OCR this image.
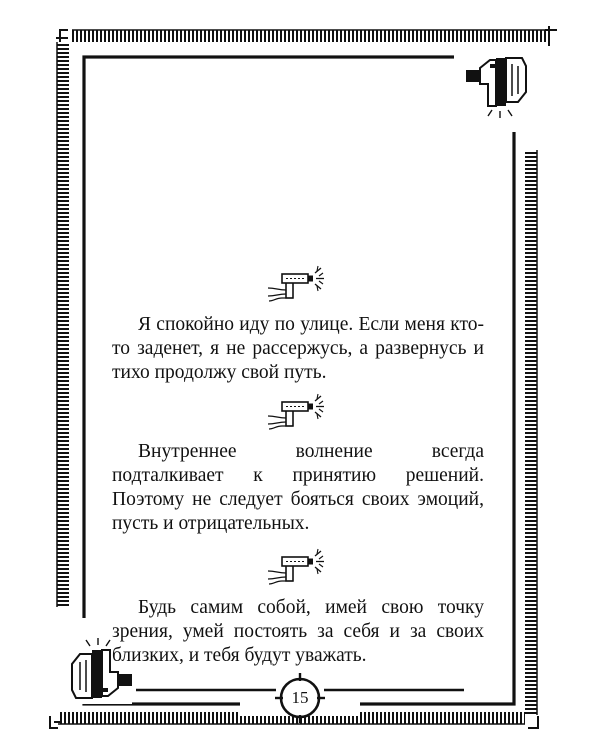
Я спокойно иду по улице. Если меня кто-то заденет, я не рассержусь, а развернусь и тихо продолжу свой путь.

Внутреннее волнение всегда подталкивает к принятию решений. Поэтому не следует бояться своих эмоций, пусть и отрицательных.

Будь самим собой, имей свою точку зрения, умей постоять за себя и за своих близких, и тебя будут уважать.

15
